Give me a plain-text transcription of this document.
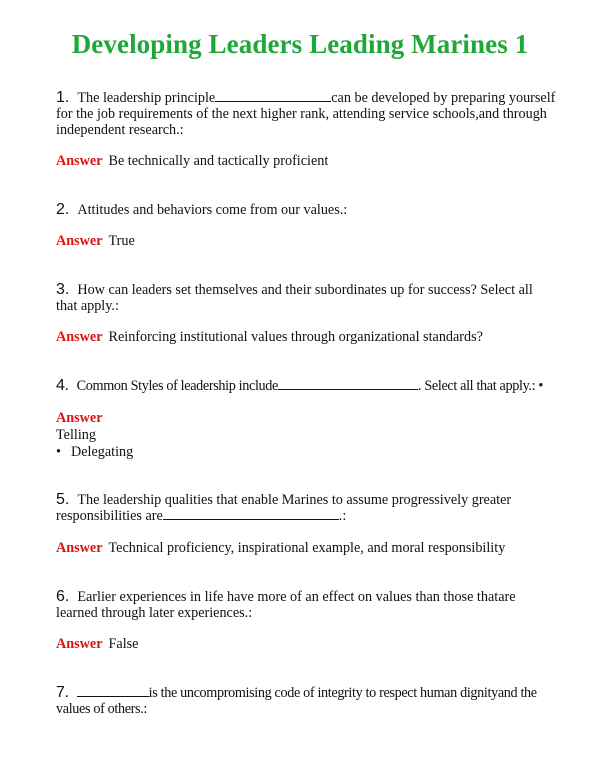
Developing Leaders Leading Marines 1
1. The leadership principle	can be developed by preparing yourself for the job requirements of the next higher rank, attending service schools,and through independent research.:
Answer Be technically and tactically proficient
2. Attitudes and behaviors come from our values.:
Answer True
3. How can leaders set themselves and their subordinates up for success? Select all that apply.:
Answer Reinforcing institutional values through organizational standards?
4. Common Styles of leadership include	. Select all that apply.: •
Answer
Telling
• Delegating
5. The leadership qualities that enable Marines to assume progressively greater responsibilities are	.:
Answer Technical proficiency, inspirational example, and moral responsibility
6. Earlier experiences in life have more of an effect on values than those thatare learned through later experiences.:
Answer False
7.	is the uncompromising code of integrity to respect human dignityand the values of others.:
